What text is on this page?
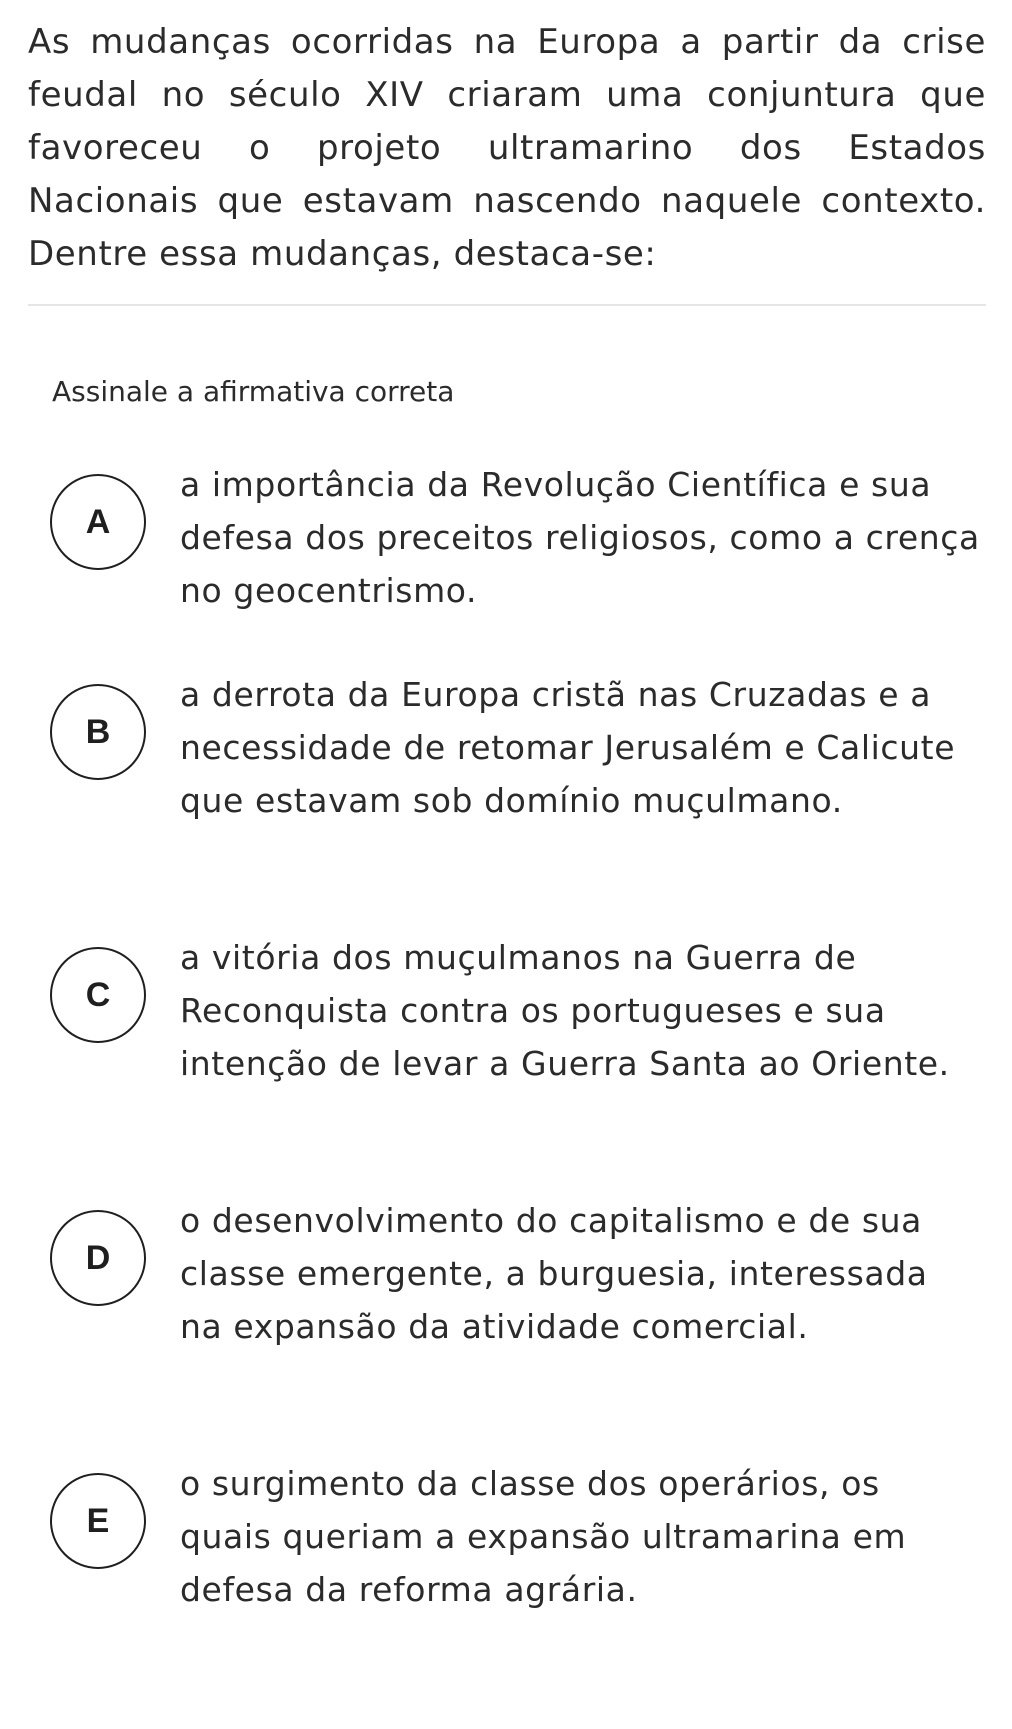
As mudanças ocorridas na Europa a partir da crise feudal no século XIV criaram uma conjuntura que favoreceu o projeto ultramarino dos Estados Nacionais que estavam nascendo naquele contexto. Dentre essa mudanças, destaca-se:

Assinale a afirmativa correta

A
a importância da Revolução Científica e sua defesa dos preceitos religiosos, como a crença no geocentrismo.
B
a derrota da Europa cristã nas Cruzadas e a necessidade de retomar Jerusalém e Calicute que estavam sob domínio muçulmano.
C
a vitória dos muçulmanos na Guerra de Reconquista contra os portugueses e sua intenção de levar a Guerra Santa ao Oriente.
D
o desenvolvimento do capitalismo e de sua classe emergente, a burguesia, interessada na expansão da atividade comercial.
E
o surgimento da classe dos operários, os quais queriam a expansão ultramarina em defesa da reforma agrária.
